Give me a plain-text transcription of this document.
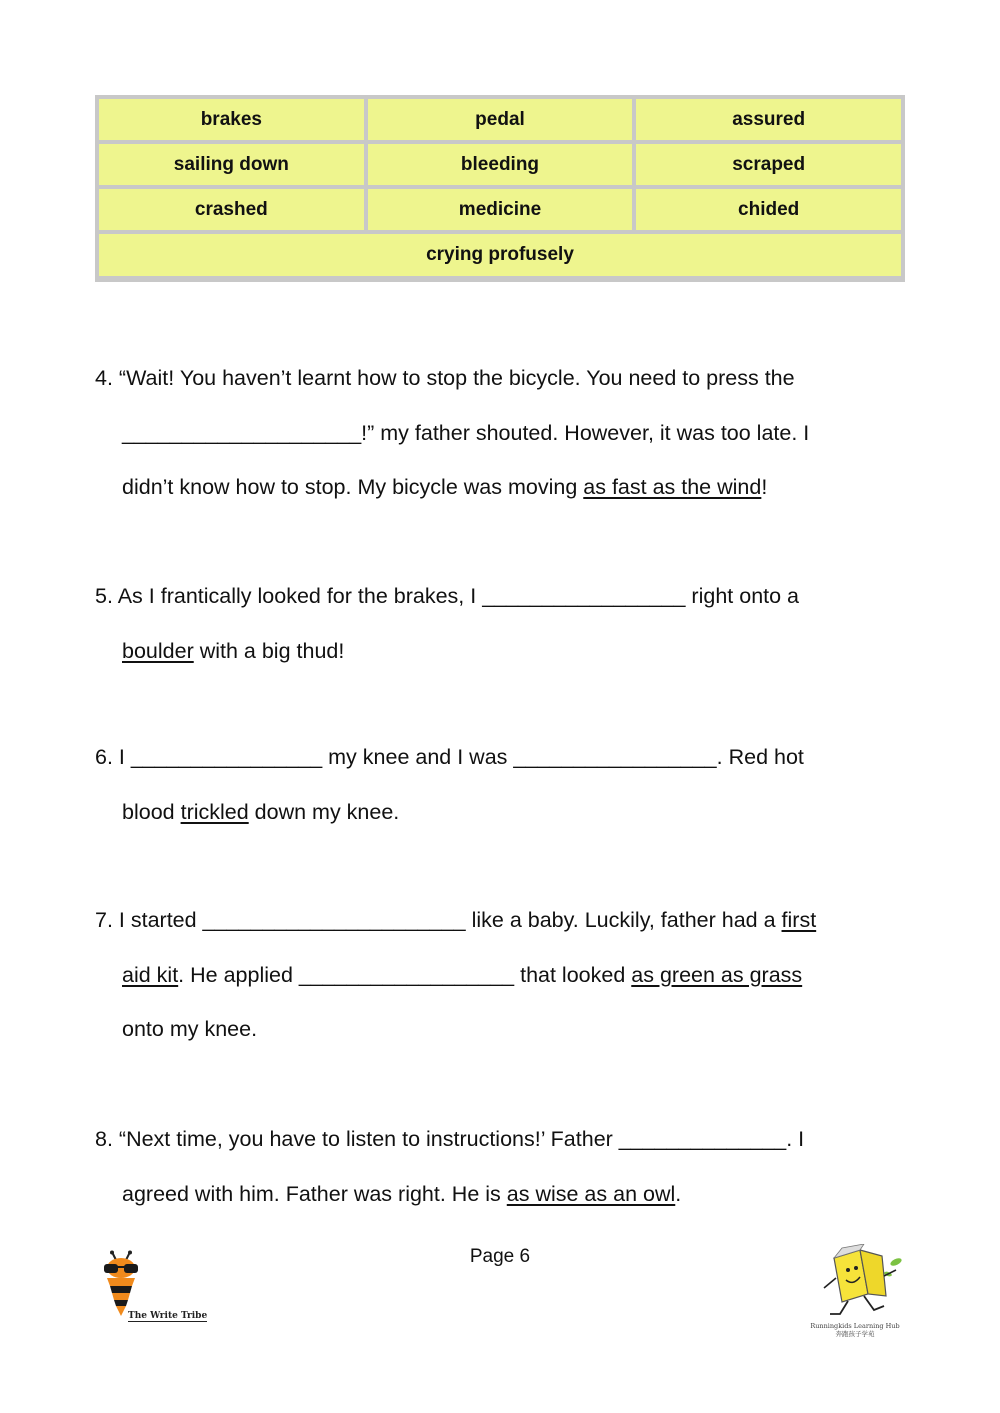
brakes	pedal	assured
sailing down	bleeding	scraped
crashed	medicine	chided
crying profusely
4. “Wait! You haven’t learnt how to stop the bicycle. You need to press the
____________________!” my father shouted. However, it was too late. I
didn’t know how to stop. My bicycle was moving as fast as the wind!
5. As I frantically looked for the brakes, I _________________ right onto a
boulder with a big thud!
6. I ________________ my knee and I was _________________. Red hot
blood trickled down my knee.
7. I started ______________________ like a baby. Luckily, father had a first
aid kit. He applied __________________ that looked as green as grass
onto my knee.
8. “Next time, you have to listen to instructions!’ Father ______________. I
agreed with him. Father was right. He is as wise as an owl.
Page 6
The Write Tribe
Runningkids Learning Hub
奔跑孩子学苑
